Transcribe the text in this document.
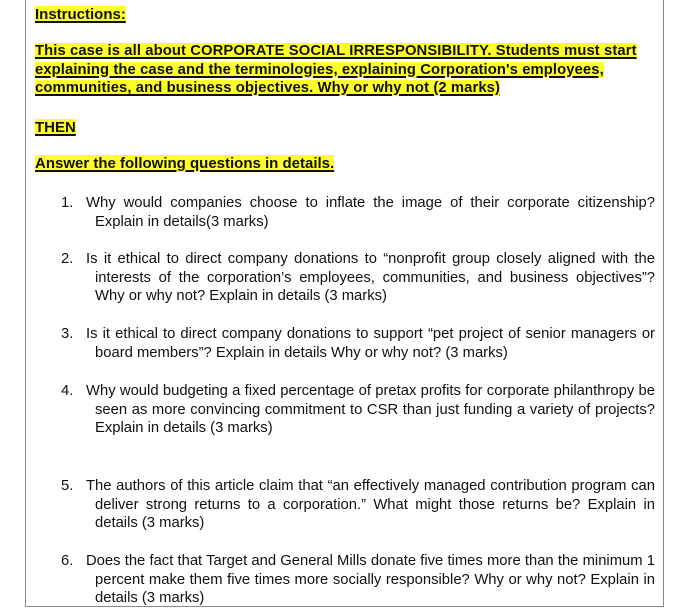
Instructions:

This case is all about CORPORATE SOCIAL IRRESPONSIBILITY. Students must start explaining the case and the terminologies, explaining Corporation's employees, communities, and business objectives. Why or why not (2 marks)

THEN

Answer the following questions in details.

1. Why would companies choose to inflate the image of their corporate citizenship? Explain in details(3 marks)
2. Is it ethical to direct company donations to “nonprofit group closely aligned with the interests of the corporation’s employees, communities, and business objectives”? Why or why not? Explain in details (3 marks)
3. Is it ethical to direct company donations to support “pet project of senior managers or board members”? Explain in details Why or why not? (3 marks)
4. Why would budgeting a fixed percentage of pretax profits for corporate philanthropy be seen as more convincing commitment to CSR than just funding a variety of projects? Explain in details (3 marks)
5. The authors of this article claim that “an effectively managed contribution program can deliver strong returns to a corporation.” What might those returns be? Explain in details (3 marks)
6. Does the fact that Target and General Mills donate five times more than the minimum 1 percent make them five times more socially responsible? Why or why not? Explain in details (3 marks)
